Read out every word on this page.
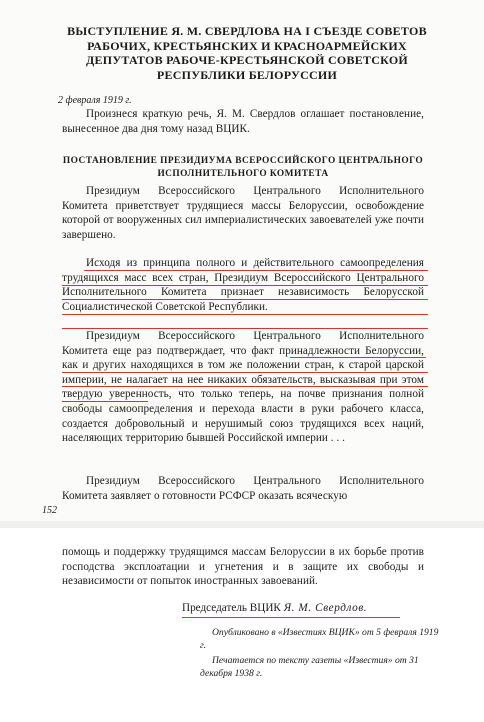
ВЫСТУПЛЕНИЕ Я. М. СВЕРДЛОВА НА I СЪЕЗДЕ СОВЕТОВ РАБОЧИХ, КРЕСТЬЯНСКИХ И КРАСНОАРМЕЙСКИХ ДЕПУТАТОВ РАБОЧЕ-КРЕСТЬЯНСКОЙ СОВЕТСКОЙ РЕСПУБЛИКИ БЕЛОРУССИИ
2 февраля 1919 г.
Произнеся краткую речь, Я. М. Свердлов оглашает постановление, вынесенное два дня тому назад ВЦИК.
ПОСТАНОВЛЕНИЕ ПРЕЗИДИУМА ВСЕРОССИЙСКОГО ЦЕНТРАЛЬНОГО ИСПОЛНИТЕЛЬНОГО КОМИТЕТА
Президиум Всероссийского Центрального Исполнительного Комитета приветствует трудящиеся массы Белоруссии, освобождение которой от вооруженных сил империалистических завоевателей уже почти завершено.
Исходя из принципа полного и действительного самоопределения трудящихся масс всех стран, Президиум Всероссийского Центрального Исполнительного Комитета признает независимость Белорусской Социалистической Советской Республики.
Президиум Всероссийского Центрального Исполнительного Комитета еще раз подтверждает, что факт принадлежности Белоруссии, как и других находящихся в том же положении стран, к старой царской империи, не налагает на нее никаких обязательств, высказывая при этом твердую уверенность, что только теперь, на почве признания полной свободы самоопределения и перехода власти в руки рабочего класса, создается добровольный и нерушимый союз трудящихся всех наций, населяющих территорию бывшей Российской империи . . .
Президиум Всероссийского Центрального Исполнительного Комитета заявляет о готовности РСФСР оказать всяческую
152
помощь и поддержку трудящимся массам Белоруссии в их борьбе против господства эксплоатации и угнетения и в защите их свободы и независимости от попыток иностранных завоеваний.
Председатель ВЦИК Я. М. Свердлов.
Опубликовано в «Известиях ВЦИК» от 5 февраля 1919 г.
Печатается по тексту газеты «Известия» от 31 декабря 1938 г.
